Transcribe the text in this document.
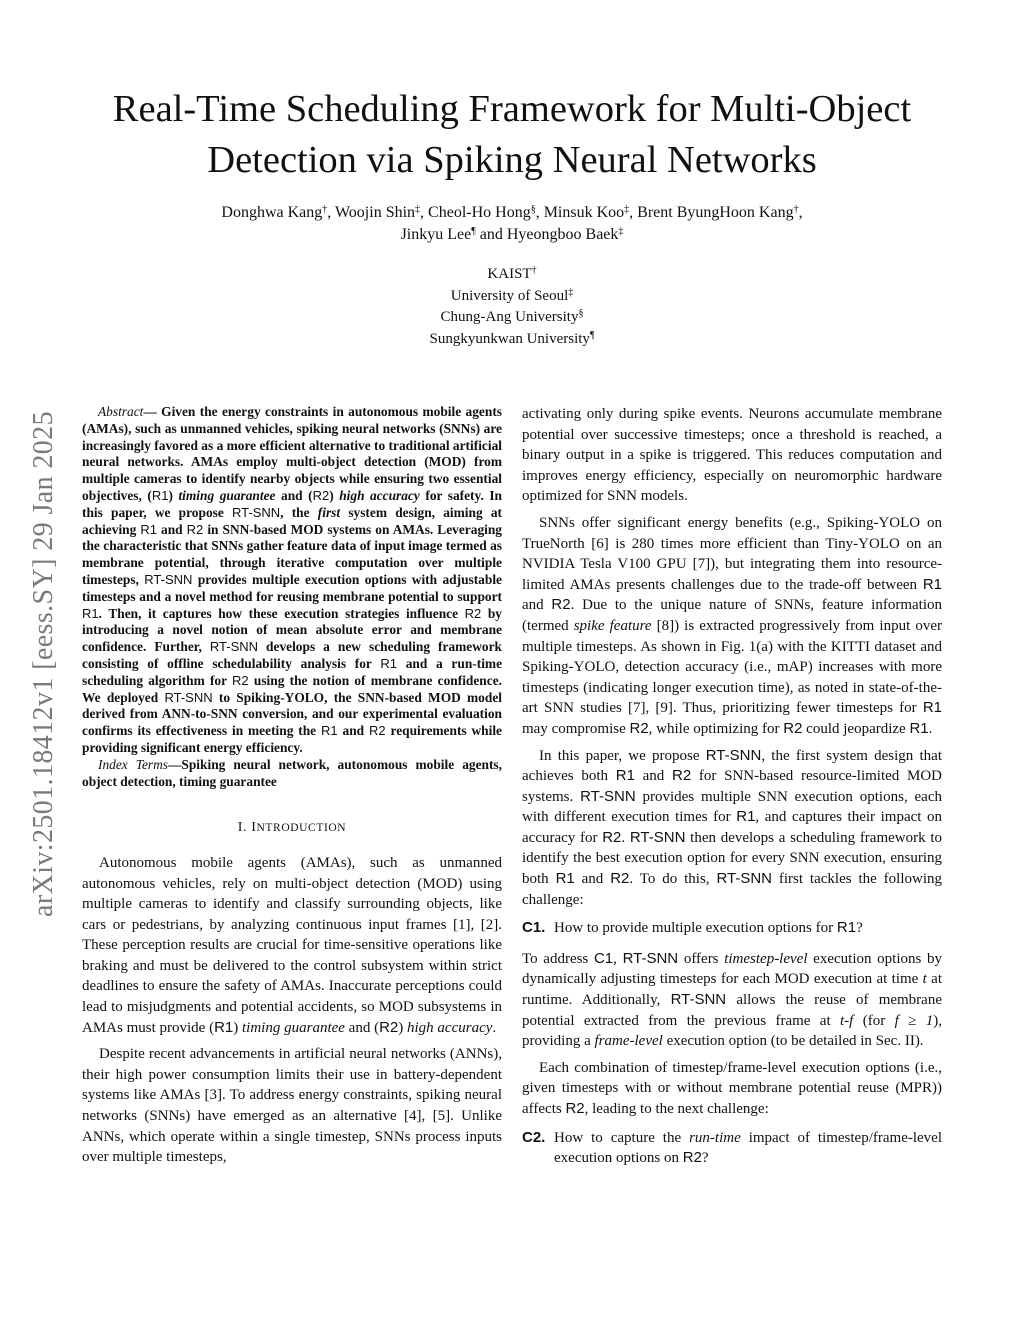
arXiv:2501.18412v1 [eess.SY] 29 Jan 2025
Real-Time Scheduling Framework for Multi-Object Detection via Spiking Neural Networks
Donghwa Kang†, Woojin Shin‡, Cheol-Ho Hong§, Minsuk Koo‡, Brent ByungHoon Kang†,
Jinkyu Lee¶ and Hyeongboo Baek‡
KAIST†
University of Seoul‡
Chung-Ang University§
Sungkyunkwan University¶

Abstract— Given the energy constraints in autonomous mobile agents (AMAs), such as unmanned vehicles, spiking neural networks (SNNs) are increasingly favored as a more efficient alternative to traditional artificial neural networks. AMAs employ multi-object detection (MOD) from multiple cameras to identify nearby objects while ensuring two essential objectives, (R1) timing guarantee and (R2) high accuracy for safety. In this paper, we propose RT-SNN, the first system design, aiming at achieving R1 and R2 in SNN-based MOD systems on AMAs. Leveraging the characteristic that SNNs gather feature data of input image termed as membrane potential, through iterative computation over multiple timesteps, RT-SNN provides multiple execution options with adjustable timesteps and a novel method for reusing membrane potential to support R1. Then, it captures how these execution strategies influence R2 by introducing a novel notion of mean absolute error and membrane confidence. Further, RT-SNN develops a new scheduling framework consisting of offline schedulability analysis for R1 and a run-time scheduling algorithm for R2 using the notion of membrane confidence. We deployed RT-SNN to Spiking-YOLO, the SNN-based MOD model derived from ANN-to-SNN conversion, and our experimental evaluation confirms its effectiveness in meeting the R1 and R2 requirements while providing significant energy efficiency.

Index Terms—Spiking neural network, autonomous mobile agents, object detection, timing guarantee

I. INTRODUCTION

Autonomous mobile agents (AMAs), such as unmanned autonomous vehicles, rely on multi-object detection (MOD) using multiple cameras to identify and classify surrounding objects, like cars or pedestrians, by analyzing continuous input frames [1], [2]. These perception results are crucial for time-sensitive operations like braking and must be delivered to the control subsystem within strict deadlines to ensure the safety of AMAs. Inaccurate perceptions could lead to misjudgments and potential accidents, so MOD subsystems in AMAs must provide (R1) timing guarantee and (R2) high accuracy.

Despite recent advancements in artificial neural networks (ANNs), their high power consumption limits their use in battery-dependent systems like AMAs [3]. To address energy constraints, spiking neural networks (SNNs) have emerged as an alternative [4], [5]. Unlike ANNs, which operate within a single timestep, SNNs process inputs over multiple timesteps,

activating only during spike events. Neurons accumulate membrane potential over successive timesteps; once a threshold is reached, a binary output in a spike is triggered. This reduces computation and improves energy efficiency, especially on neuromorphic hardware optimized for SNN models.

SNNs offer significant energy benefits (e.g., Spiking-YOLO on TrueNorth [6] is 280 times more efficient than Tiny-YOLO on an NVIDIA Tesla V100 GPU [7]), but integrating them into resource-limited AMAs presents challenges due to the trade-off between R1 and R2. Due to the unique nature of SNNs, feature information (termed spike feature [8]) is extracted progressively from input over multiple timesteps. As shown in Fig. 1(a) with the KITTI dataset and Spiking-YOLO, detection accuracy (i.e., mAP) increases with more timesteps (indicating longer execution time), as noted in state-of-the-art SNN studies [7], [9]. Thus, prioritizing fewer timesteps for R1 may compromise R2, while optimizing for R2 could jeopardize R1.

In this paper, we propose RT-SNN, the first system design that achieves both R1 and R2 for SNN-based resource-limited MOD systems. RT-SNN provides multiple SNN execution options, each with different execution times for R1, and captures their impact on accuracy for R2. RT-SNN then develops a scheduling framework to identify the best execution option for every SNN execution, ensuring both R1 and R2. To do this, RT-SNN first tackles the following challenge:

C1. How to provide multiple execution options for R1?

To address C1, RT-SNN offers timestep-level execution options by dynamically adjusting timesteps for each MOD execution at time t at runtime. Additionally, RT-SNN allows the reuse of membrane potential extracted from the previous frame at t-f (for f ≥ 1), providing a frame-level execution option (to be detailed in Sec. II).

Each combination of timestep/frame-level execution options (i.e., given timesteps with or without membrane potential reuse (MPR)) affects R2, leading to the next challenge:

C2. How to capture the run-time impact of timestep/frame-level execution options on R2?
